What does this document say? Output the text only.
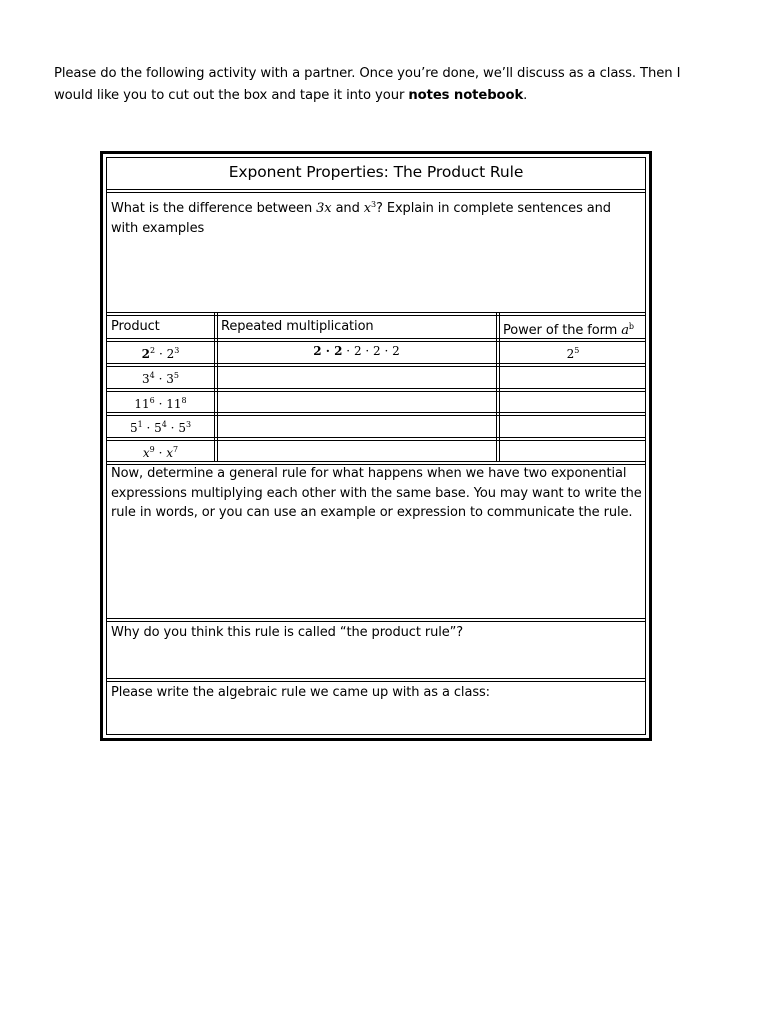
Please do the following activity with a partner. Once you’re done, we’ll discuss as a class. Then I
would like you to cut out the box and tape it into your notes notebook.
Exponent Properties: The Product Rule
What is the difference between 3x and $x^3$? Explain in complete sentences and
with examples
Product	Repeated multiplication	Power of the form $a^b$
$2^2 \cdot 2^3$	2 · 2 · 2 · 2 · 2	$2^5$
$3^4 \cdot 3^5$
$11^6 \cdot 11^8$
$5^1 \cdot 5^4 \cdot 5^3$
$x^9 \cdot x^7$
Now, determine a general rule for what happens when we have two exponential
expressions multiplying each other with the same base. You may want to write the
rule in words, or you can use an example or expression to communicate the rule.
Why do you think this rule is called “the product rule”?
Please write the algebraic rule we came up with as a class:
